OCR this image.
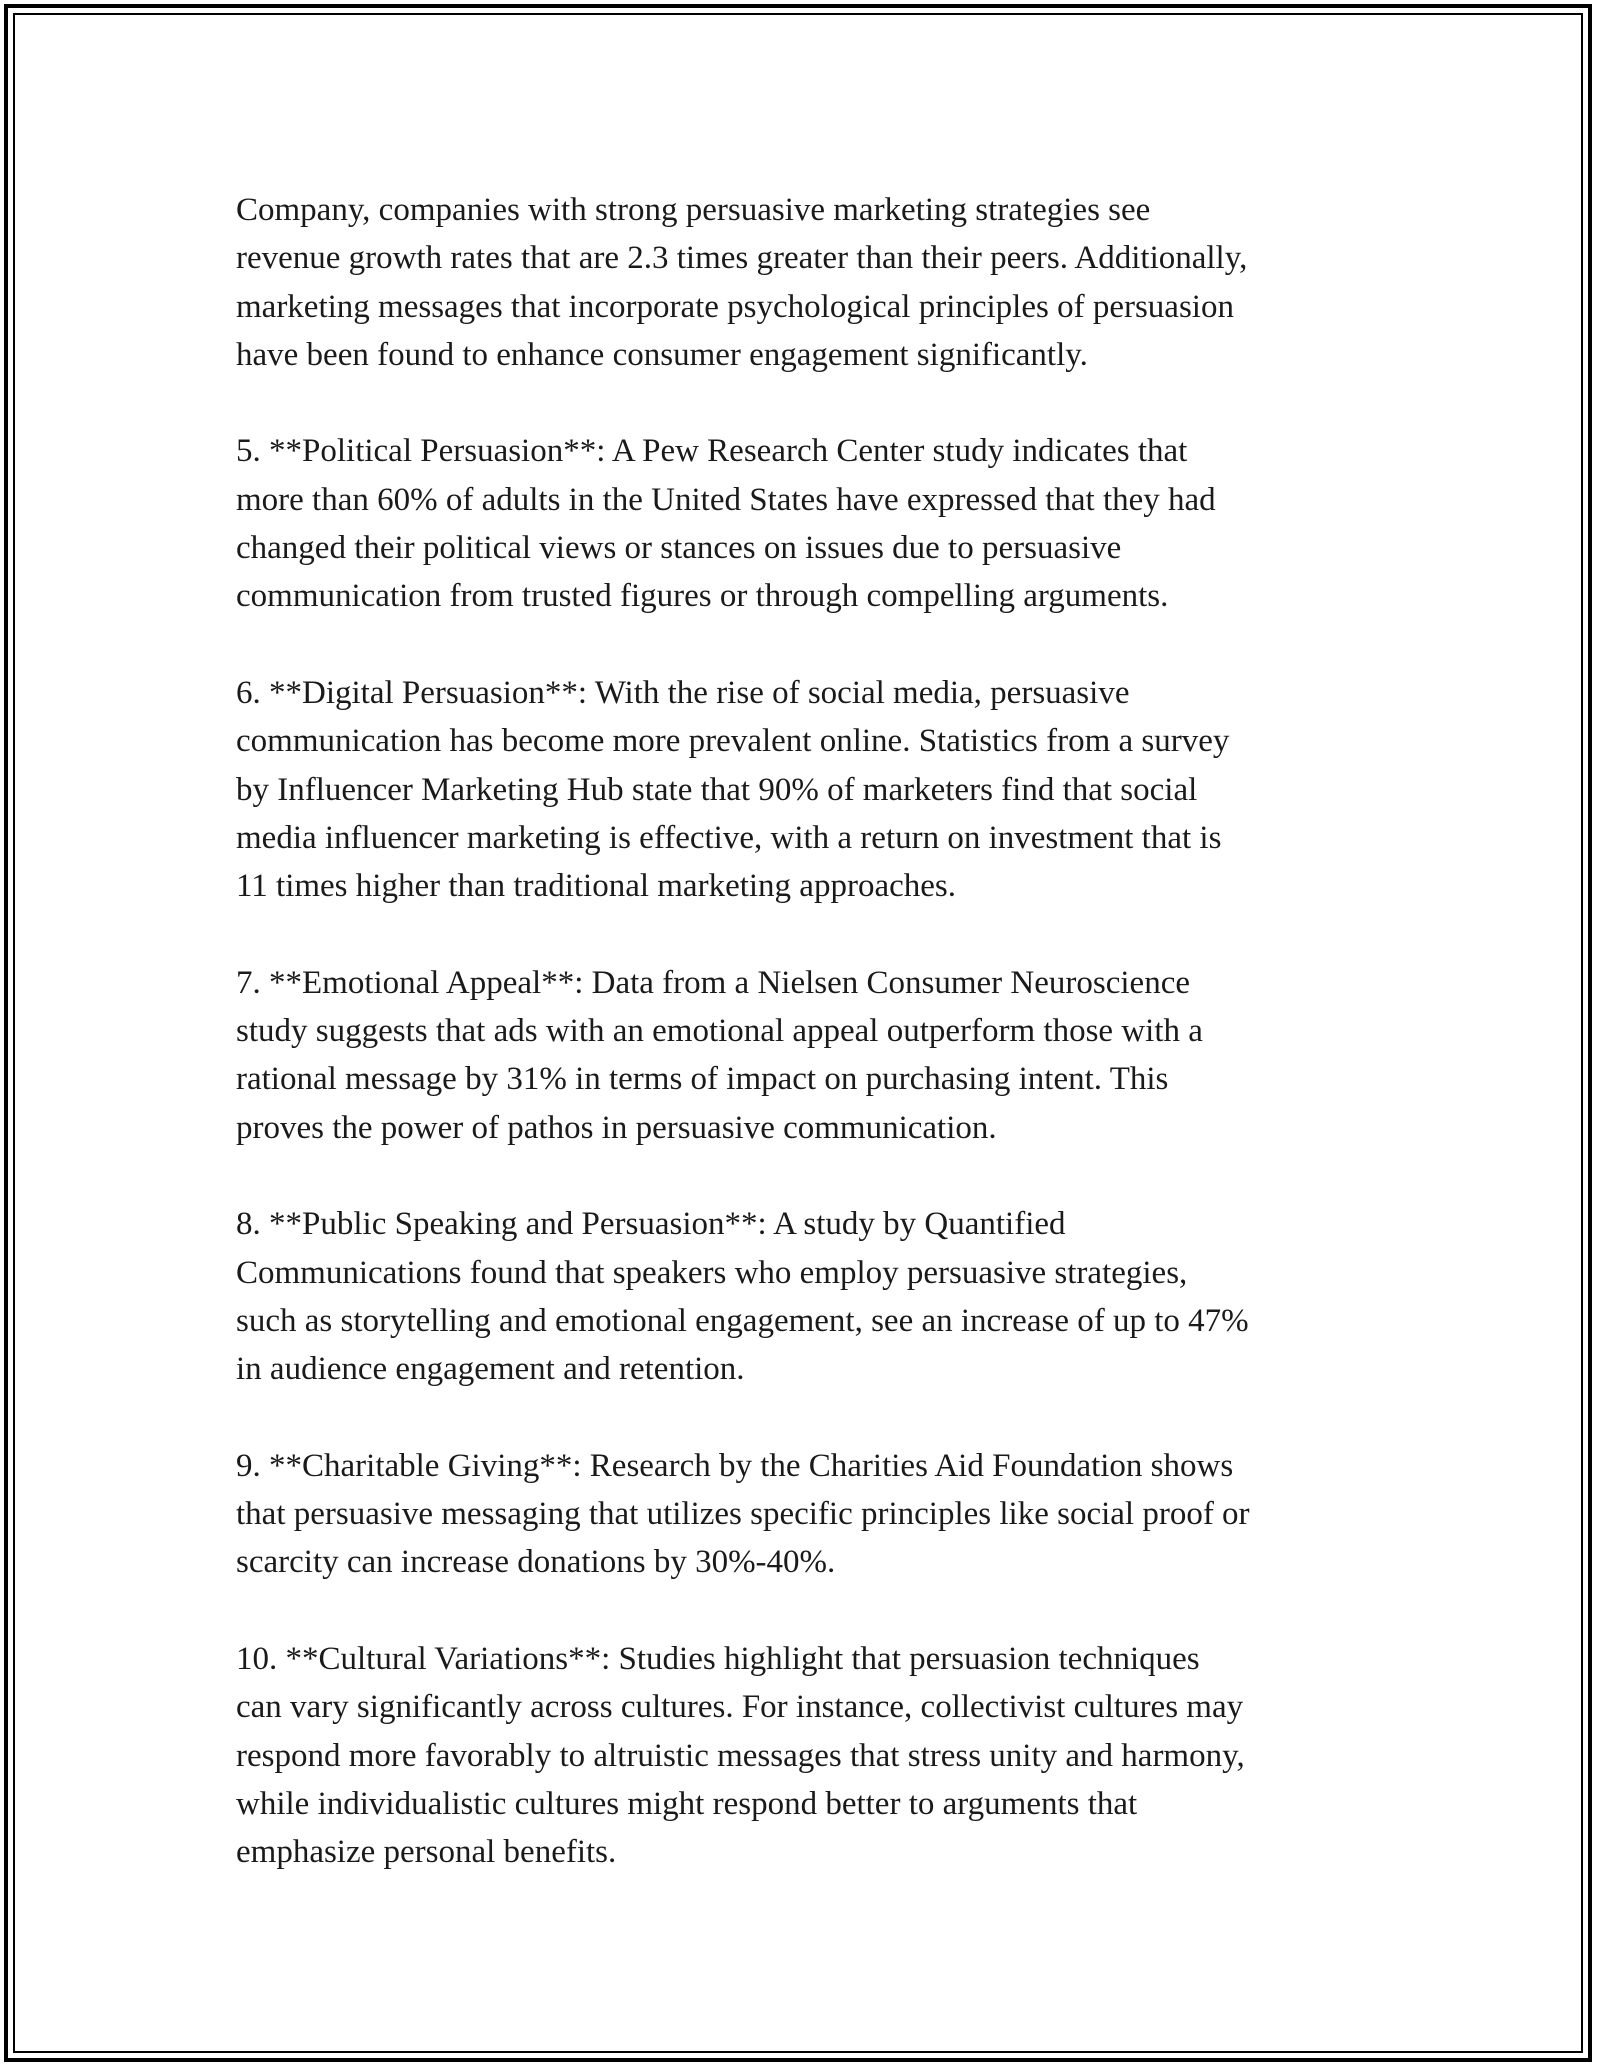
Company, companies with strong persuasive marketing strategies see
revenue growth rates that are 2.3 times greater than their peers. Additionally,
marketing messages that incorporate psychological principles of persuasion
have been found to enhance consumer engagement significantly.

5. **Political Persuasion**: A Pew Research Center study indicates that
more than 60% of adults in the United States have expressed that they had
changed their political views or stances on issues due to persuasive
communication from trusted figures or through compelling arguments.

6. **Digital Persuasion**: With the rise of social media, persuasive
communication has become more prevalent online. Statistics from a survey
by Influencer Marketing Hub state that 90% of marketers find that social
media influencer marketing is effective, with a return on investment that is
11 times higher than traditional marketing approaches.

7. **Emotional Appeal**: Data from a Nielsen Consumer Neuroscience
study suggests that ads with an emotional appeal outperform those with a
rational message by 31% in terms of impact on purchasing intent. This
proves the power of pathos in persuasive communication.

8. **Public Speaking and Persuasion**: A study by Quantified
Communications found that speakers who employ persuasive strategies,
such as storytelling and emotional engagement, see an increase of up to 47%
in audience engagement and retention.

9. **Charitable Giving**: Research by the Charities Aid Foundation shows
that persuasive messaging that utilizes specific principles like social proof or
scarcity can increase donations by 30%-40%.

10. **Cultural Variations**: Studies highlight that persuasion techniques
can vary significantly across cultures. For instance, collectivist cultures may
respond more favorably to altruistic messages that stress unity and harmony,
while individualistic cultures might respond better to arguments that
emphasize personal benefits.
